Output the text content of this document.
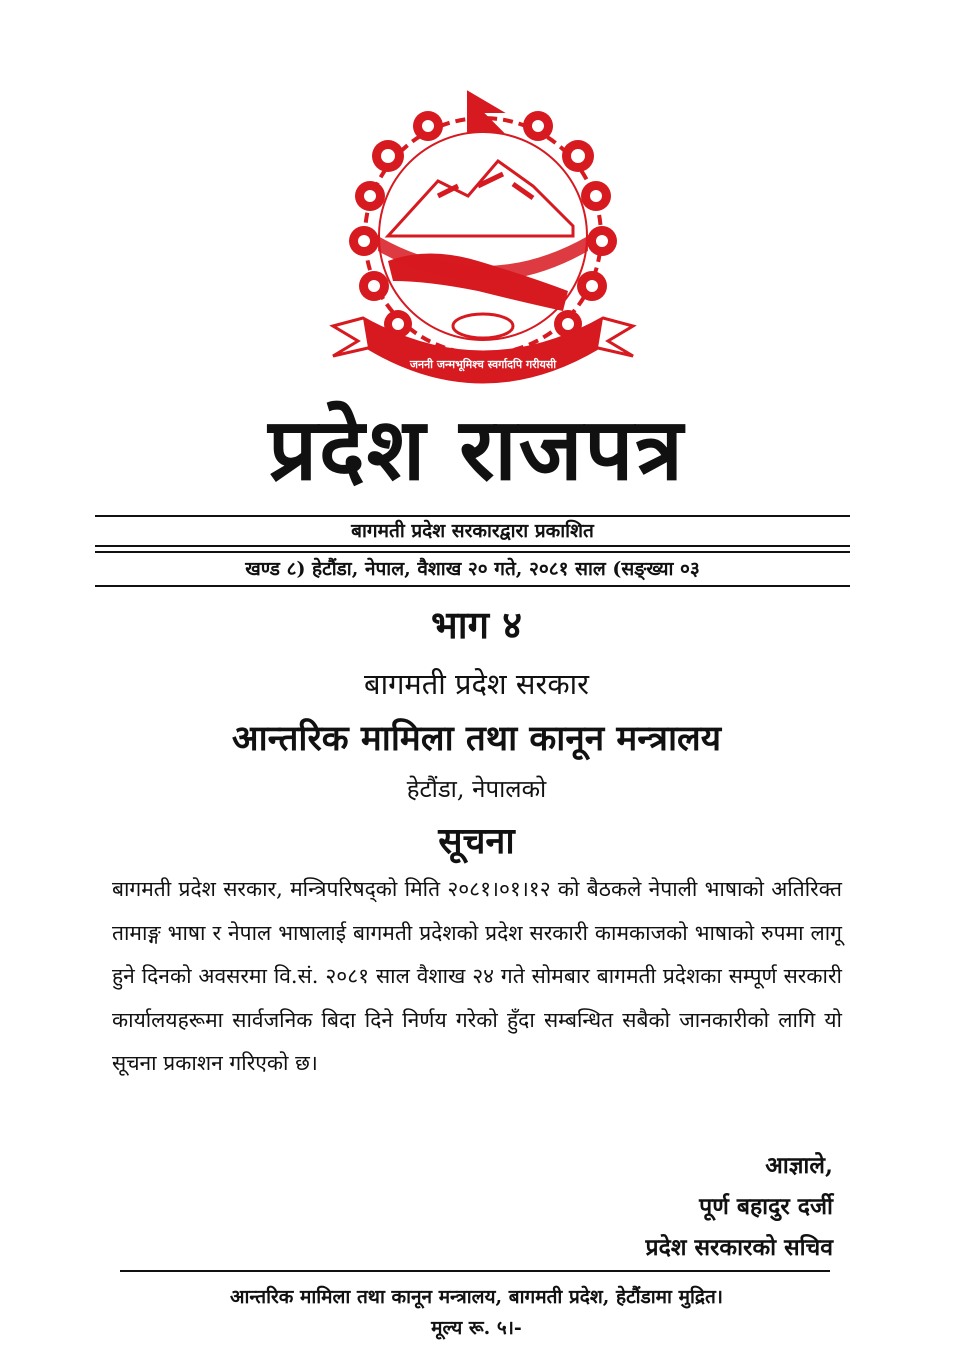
जननी जन्मभूमिश्च स्वर्गादपि गरीयसी
प्रदेश राजपत्र
बागमती प्रदेश सरकारद्वारा प्रकाशित
खण्ड ८) हेटौंडा, नेपाल, वैशाख २० गते, २०८१ साल (सङ्ख्या ०३
भाग ४
बागमती प्रदेश सरकार
आन्तरिक मामिला तथा कानून मन्त्रालय
हेटौंडा, नेपालको
सूचना
बागमती प्रदेश सरकार, मन्त्रिपरिषद्को मिति २०८१।०१।१२ को बैठकले नेपाली भाषाको अतिरिक्त तामाङ्ग भाषा र नेपाल भाषालाई बागमती प्रदेशको प्रदेश सरकारी कामकाजको भाषाको रुपमा लागू हुने दिनको अवसरमा वि.सं. २०८१ साल वैशाख २४ गते सोमबार बागमती प्रदेशका सम्पूर्ण सरकारी कार्यालयहरूमा सार्वजनिक बिदा दिने निर्णय गरेको हुँदा सम्बन्धित सबैको जानकारीको लागि यो सूचना प्रकाशन गरिएको छ।
आज्ञाले,
पूर्ण बहादुर दर्जी
प्रदेश सरकारको सचिव
आन्तरिक मामिला तथा कानून मन्त्रालय, बागमती प्रदेश, हेटौंडामा मुद्रित।
मूल्य रू. ५।-
